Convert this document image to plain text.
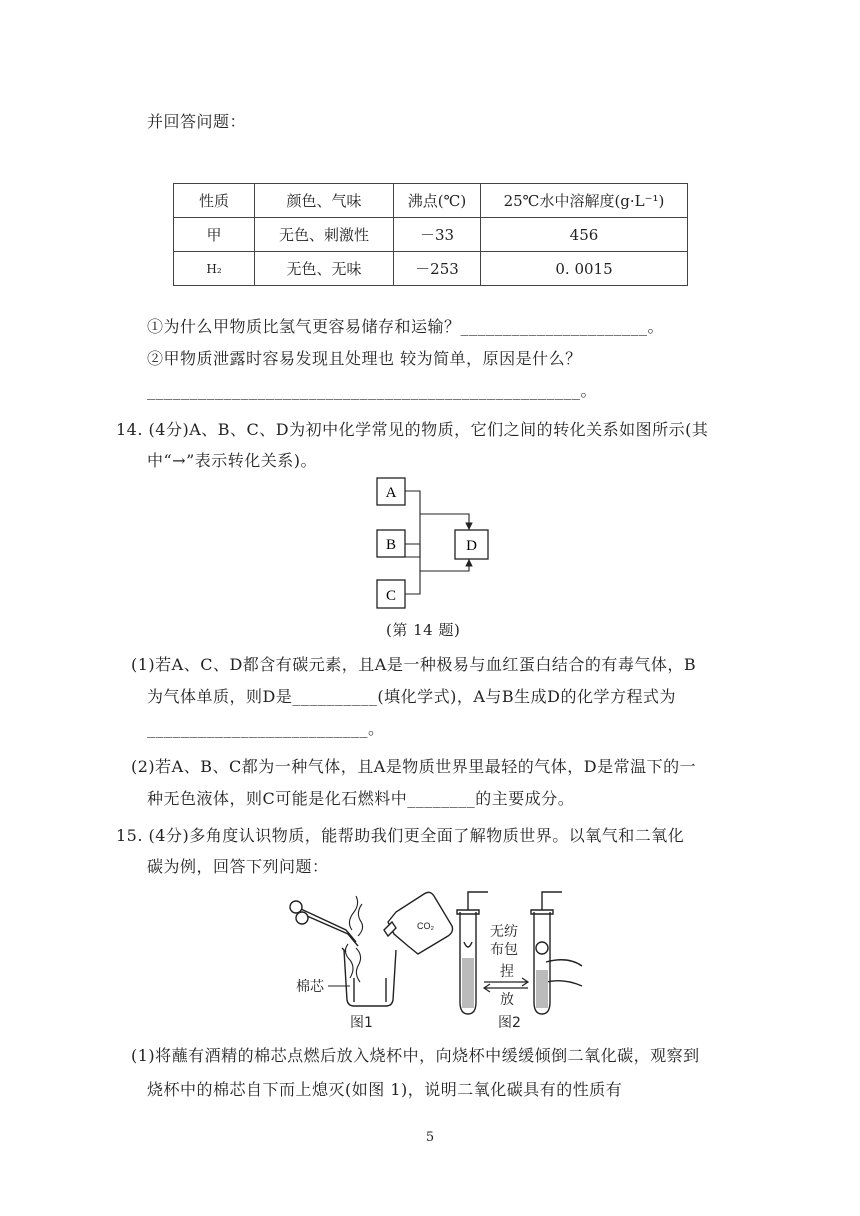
并回答问题：
性质	颜色、气味	沸点(℃)	25℃水中溶解度(g·L⁻¹)
甲	无色、刺激性	－33	456
H₂	无色、无味	－253	0. 0015
①为什么甲物质比氢气更容易储存和运输？______________________。
②甲物质泄露时容易发现且处理也 较为简单，原因是什么？
___________________________________________________。
14. (4分)A、B、C、D为初中化学常见的物质，它们之间的转化关系如图所示(其
中“→”表示转化关系)。
A
B
C
D
(第 14 题)
(1)若A、C、D都含有碳元素，且A是一种极易与血红蛋白结合的有毒气体，B
为气体单质，则D是__________(填化学式)，A与B生成D的化学方程式为
__________________________。
(2)若A、B、C都为一种气体，且A是物质世界里最轻的气体，D是常温下的一
种无色液体，则C可能是化石燃料中________的主要成分。
15. (4分)多角度认识物质，能帮助我们更全面了解物质世界。以氧气和二氧化
碳为例，回答下列问题：
CO₂
棉芯
图1
无纺
布包
捏
放
图2
(1)将蘸有酒精的棉芯点燃后放入烧杯中，向烧杯中缓缓倾倒二氧化碳，观察到
烧杯中的棉芯自下而上熄灭(如图 1)，说明二氧化碳具有的性质有
5
